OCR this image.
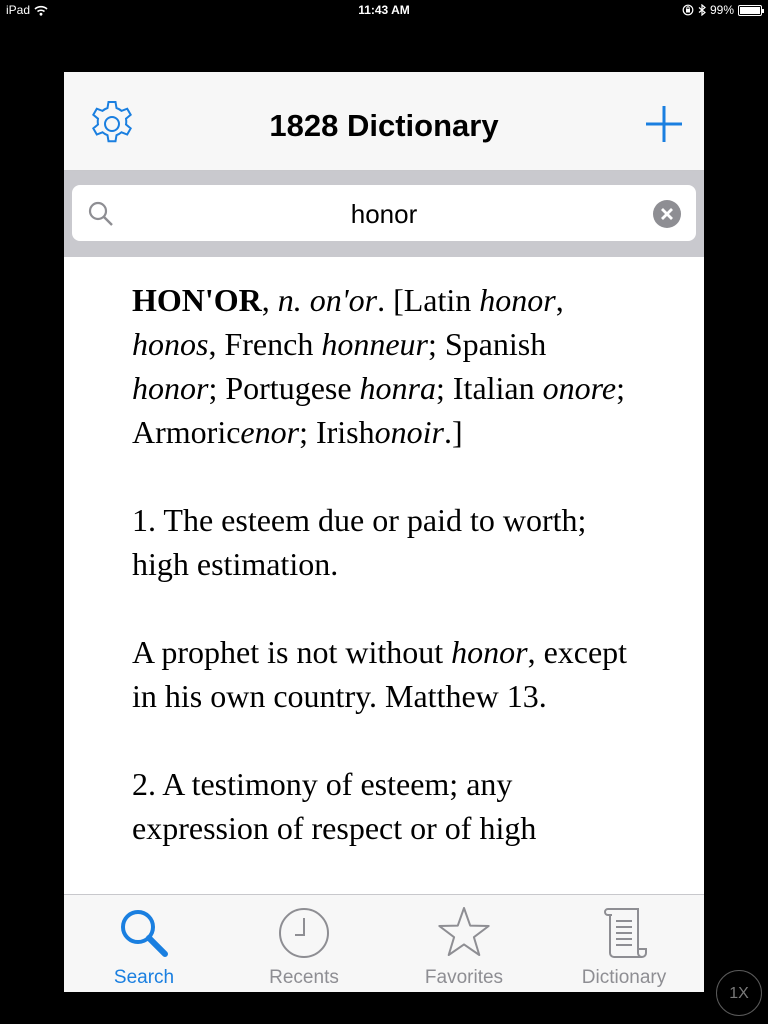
iPad	11:43 AM	99%
1828 Dictionary
honor

HON'OR, n. on'or. [Latin honor, honos, French honneur; Spanish honor; Portugese honra; Italian onore; Armoricenor; Irishonoir.]

1. The esteem due or paid to worth; high estimation.

A prophet is not without honor, except in his own country. Matthew 13.

2. A testimony of esteem; any expression of respect or of high

Search	Recents	Favorites	Dictionary
1X
